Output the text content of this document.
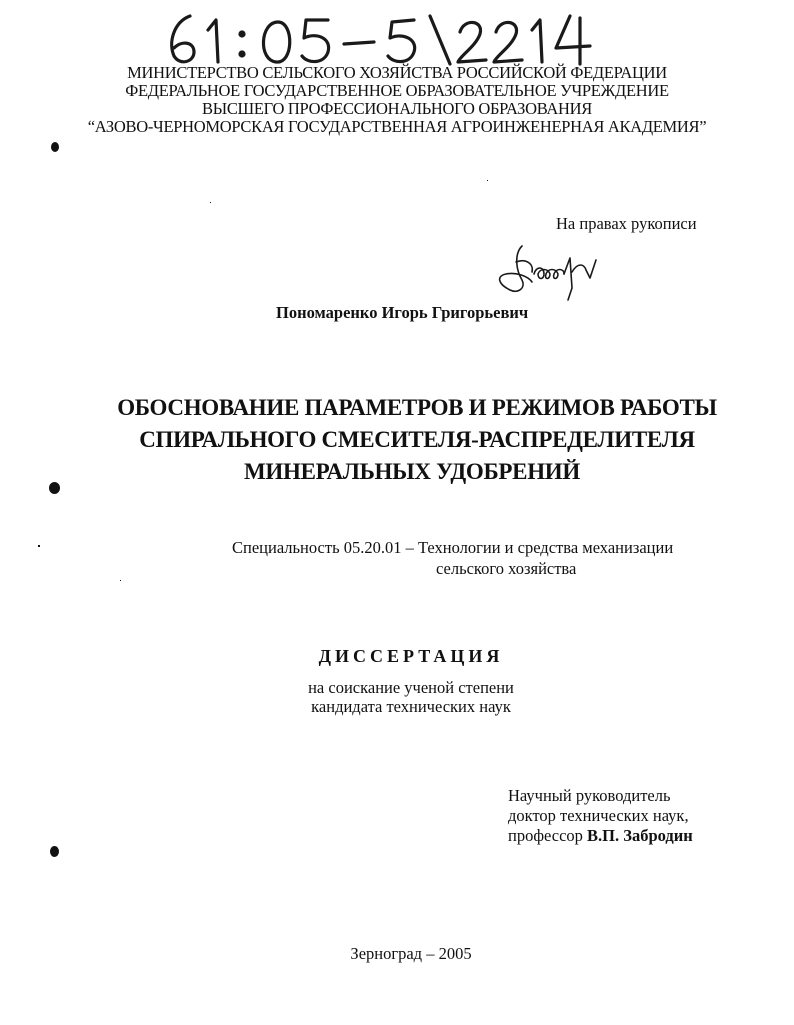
МИНИСТЕРСТВО СЕЛЬСКОГО ХОЗЯЙСТВА РОССИЙСКОЙ ФЕДЕРАЦИИ
ФЕДЕРАЛЬНОЕ ГОСУДАРСТВЕННОЕ ОБРАЗОВАТЕЛЬНОЕ УЧРЕЖДЕНИЕ
ВЫСШЕГО ПРОФЕССИОНАЛЬНОГО ОБРАЗОВАНИЯ
“АЗОВО-ЧЕРНОМОРСКАЯ ГОСУДАРСТВЕННАЯ АГРОИНЖЕНЕРНАЯ АКАДЕМИЯ”
На правах рукописи
Пономаренко Игорь Григорьевич
ОБОСНОВАНИЕ ПАРАМЕТРОВ И РЕЖИМОВ РАБОТЫ
СПИРАЛЬНОГО СМЕСИТЕЛЯ-РАСПРЕДЕЛИТЕЛЯ
МИНЕРАЛЬНЫХ УДОБРЕНИЙ
Специальность 05.20.01 – Технологии и средства механизации
сельского хозяйства
ДИССЕРТАЦИЯ
на соискание ученой степени
кандидата технических наук
Научный руководитель
доктор технических наук,
профессор В.П. Забродин
Зерноград – 2005
